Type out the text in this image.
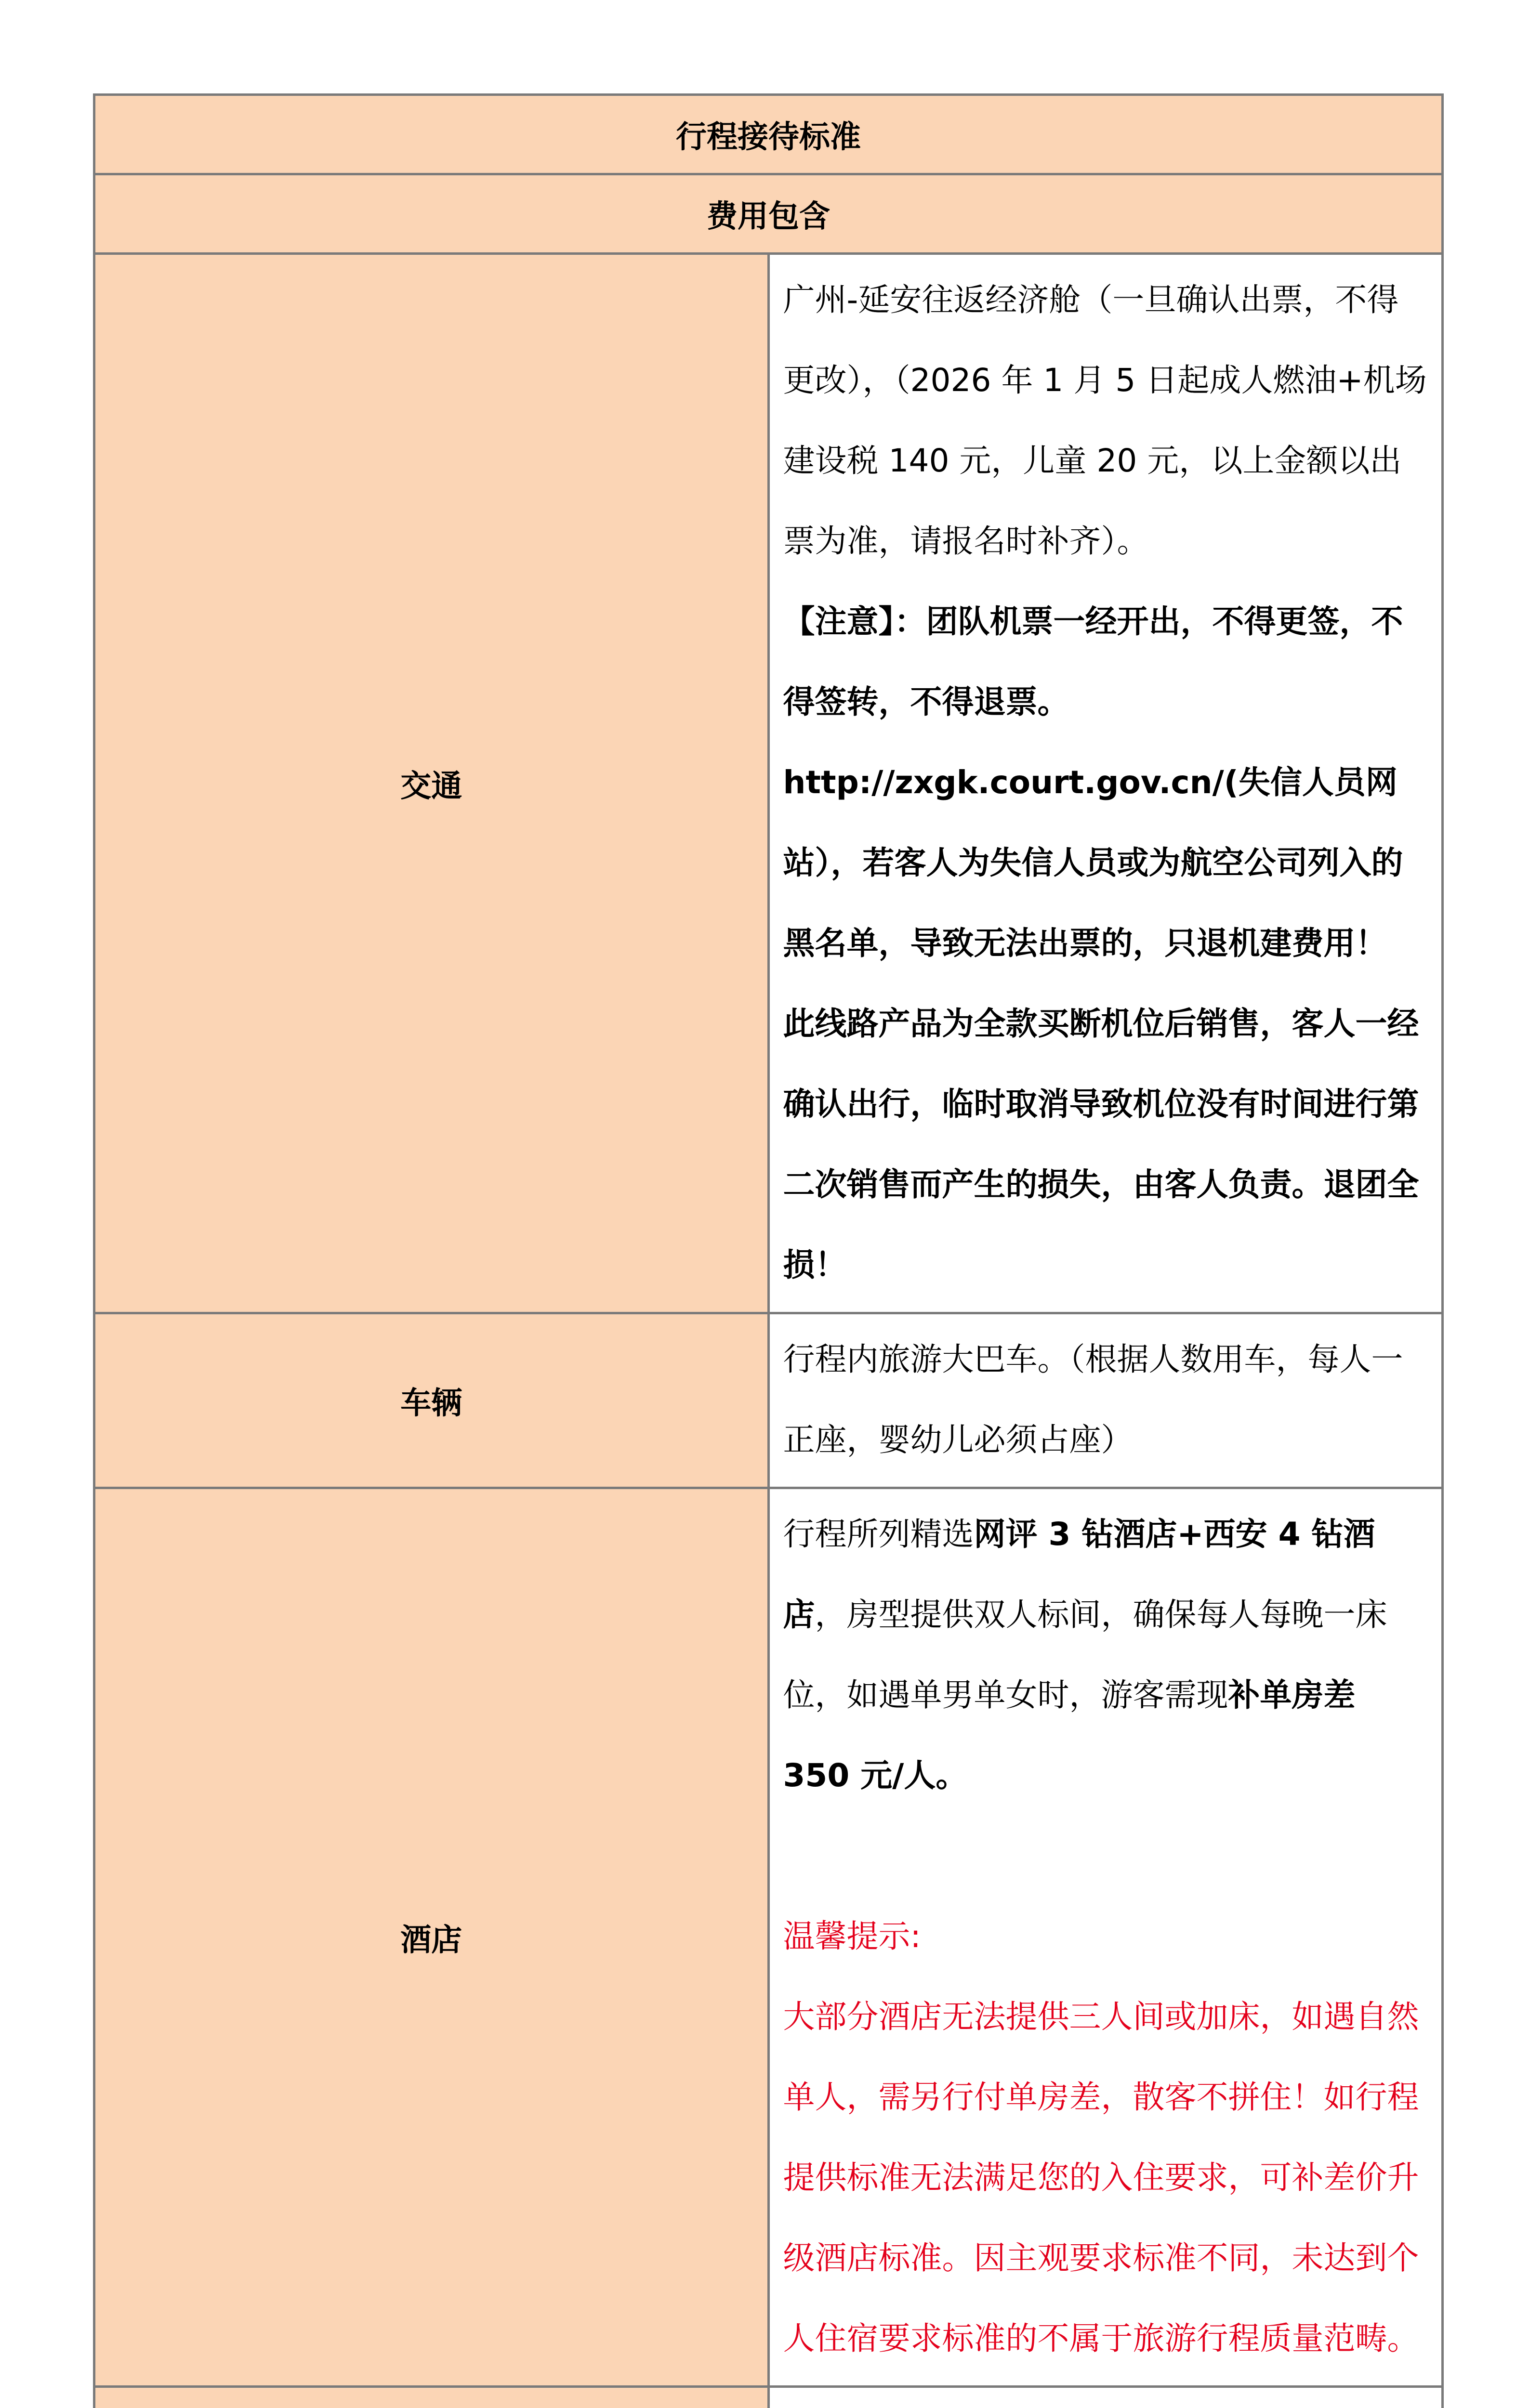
行程接待标准	
费用包含	
交通	广州-延安往返经济舱（一旦确认出票，不得更改），（2026 年 1 月 5 日起成人燃油+机场建设税 140 元，儿童 20 元，以上金额以出票为准，请报名时补齐）。

【注意】：团队机票一经开出，不得更签，不得签转，不得退票。http://zxgk.court.gov.cn/(失信人员网站），若客人为失信人员或为航空公司列入的黑名单，导致无法出票的，只退机建费用！ 此线路产品为全款买断机位后销售，客人一经确认出行，临时取消导致机位没有时间进行第二次销售而产生的损失，由客人负责。退团全损！

车辆	行程内旅游大巴车。（根据人数用车，每人一正座，婴幼儿必须占座）

酒店	行程所列精选网评 3 钻酒店+西安 4 钻酒店，房型提供双人标间，确保每人每晚一床位，如遇单男单女时，游客需现补单房差 350 元/人。

温馨提示:

大部分酒店无法提供三人间或加床，如遇自然单人，需另行付单房差，散客不拼住！如行程提供标准无法满足您的入住要求，可补差价升级酒店标准。因主观要求标准不同，未达到个人住宿要求标准的不属于旅游行程质量范畴。
